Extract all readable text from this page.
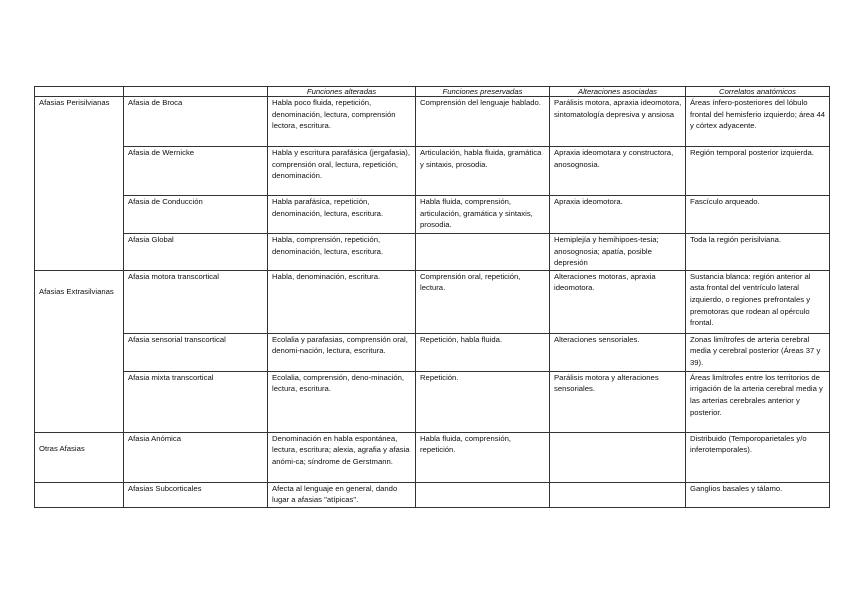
		Funciones alteradas	Funciones preservadas	Alteraciones asociadas	Correlatos anatómicos

Afasias Perisilvianas	Afasia de Broca	Habla poco fluida, repetición, denominación, lectura, comprensión lectora, escritura.	Comprensión del lenguaje hablado.	Parálisis motora, apraxia ideomotora, sintomatología depresiva y ansiosa	Áreas ínfero-posteriores del lóbulo frontal del hemisferio izquierdo; área 44 y córtex adyacente.
	Afasia de Wernicke	Habla y escritura parafásica (jergafasia), comprensión oral, lectura, repetición, denominación.	Articulación, habla fluida, gramática y sintaxis, prosodia.	Apraxia ideomotara y constructora, anosognosia.	Región temporal posterior izquierda.
	Afasia de Conducción	Habla parafásica, repetición, denominación, lectura, escritura.	Habla fluida, comprensión, articulación, gramática y sintaxis, prosodia.	Apraxia ideomotora.	Fascículo arqueado.
	Afasia Global	Habla, comprensión, repetición, denominación, lectura, escritura.		Hemiplejía y hemihipoes-tesia; anosognosia; apatía, posible depresión	Toda la región perisilviana.

Afasias Extrasilvianas	Afasia motora transcortical	Habla, denominación, escritura.	Comprensión oral, repetición, lectura.	Alteraciones motoras, apraxia ideomotora.	Sustancia blanca: región anterior al asta frontal del ventrículo lateral izquierdo, o regiones prefrontales y premotoras que rodean al opérculo frontal.
	Afasia sensorial transcortical	Ecolalia y parafasias, comprensión oral, denomi-nación, lectura, escritura.	Repetición, habla fluida.	Alteraciones sensoriales.	Zonas limítrofes de arteria cerebral media y cerebral posterior (Áreas 37 y 39).
	Afasia mixta transcortical	Ecolalia, comprensión, deno-minación, lectura, escritura.	Repetición.	Parálisis motora y alteraciones sensoriales.	Áreas limítrofes entre los territorios de irrigación de la arteria cerebral media y las arterias cerebrales anterior y posterior.

Otras Afasias	Afasia Anómica	Denominación en habla espontánea, lectura, escritura; alexia, agrafia y afasia anómi-ca; síndrome de Gerstmann.	Habla fluida, comprensión, repetición.		Distribuido (Temporoparietales y/o inferotemporales).
	Afasias Subcorticales	Afecta al lenguaje en general, dando lugar a afasias "atípicas".			Ganglios basales y tálamo.
